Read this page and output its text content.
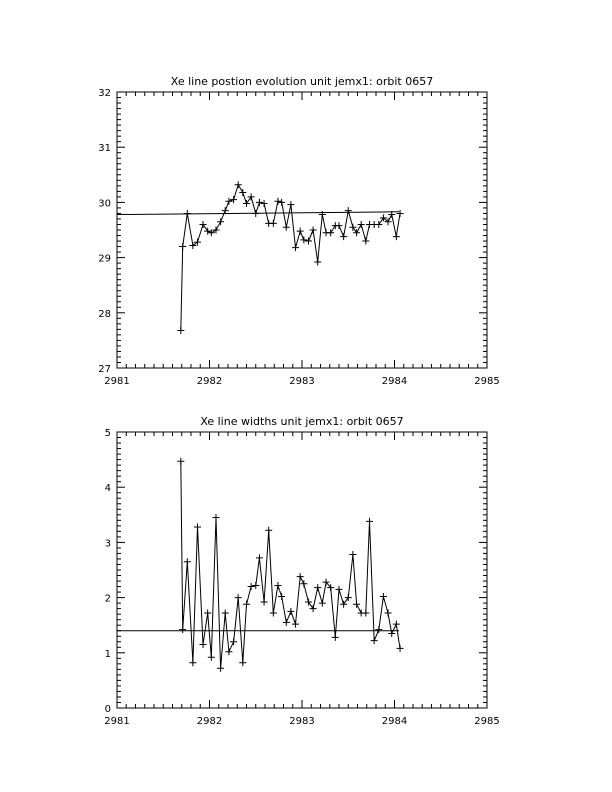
Xe line postion evolution unit jemx1: orbit 0657
2981	2982	2983	2984	2985
27
28
29
30
31
32
Xe line widths unit jemx1: orbit 0657
2981	2982	2983	2984	2985
0
1
2
3
4
5
